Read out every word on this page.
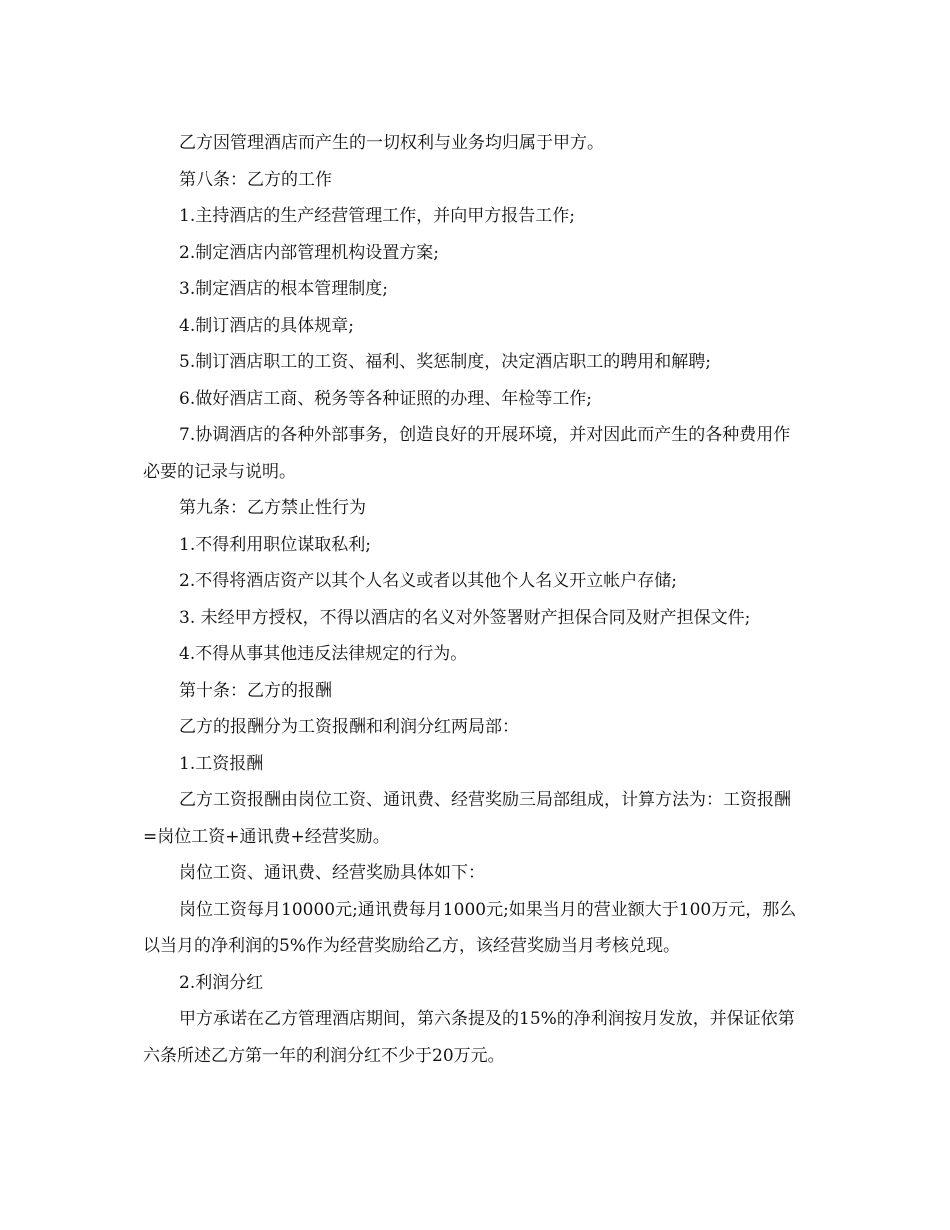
乙方因管理酒店而产生的一切权利与业务均归属于甲方。

第八条：乙方的工作

1.主持酒店的生产经营管理工作，并向甲方报告工作;

2.制定酒店内部管理机构设置方案;

3.制定酒店的根本管理制度;

4.制订酒店的具体规章;

5.制订酒店职工的工资、福利、奖惩制度，决定酒店职工的聘用和解聘;

6.做好酒店工商、税务等各种证照的办理、年检等工作;

7.协调酒店的各种外部事务，创造良好的开展环境，并对因此而产生的各种费用作必要的记录与说明。

第九条：乙方禁止性行为

1.不得利用职位谋取私利;

2.不得将酒店资产以其个人名义或者以其他个人名义开立帐户存储;

3. 未经甲方授权，不得以酒店的名义对外签署财产担保合同及财产担保文件;

4.不得从事其他违反法律规定的行为。

第十条：乙方的报酬

乙方的报酬分为工资报酬和利润分红两局部：

1.工资报酬

乙方工资报酬由岗位工资、通讯费、经营奖励三局部组成，计算方法为：工资报酬=岗位工资+通讯费+经营奖励。

岗位工资、通讯费、经营奖励具体如下：

岗位工资每月10000元;通讯费每月1000元;如果当月的营业额大于100万元，那么以当月的净利润的5%作为经营奖励给乙方，该经营奖励当月考核兑现。

2.利润分红

甲方承诺在乙方管理酒店期间，第六条提及的15%的净利润按月发放，并保证依第六条所述乙方第一年的利润分红不少于20万元。
